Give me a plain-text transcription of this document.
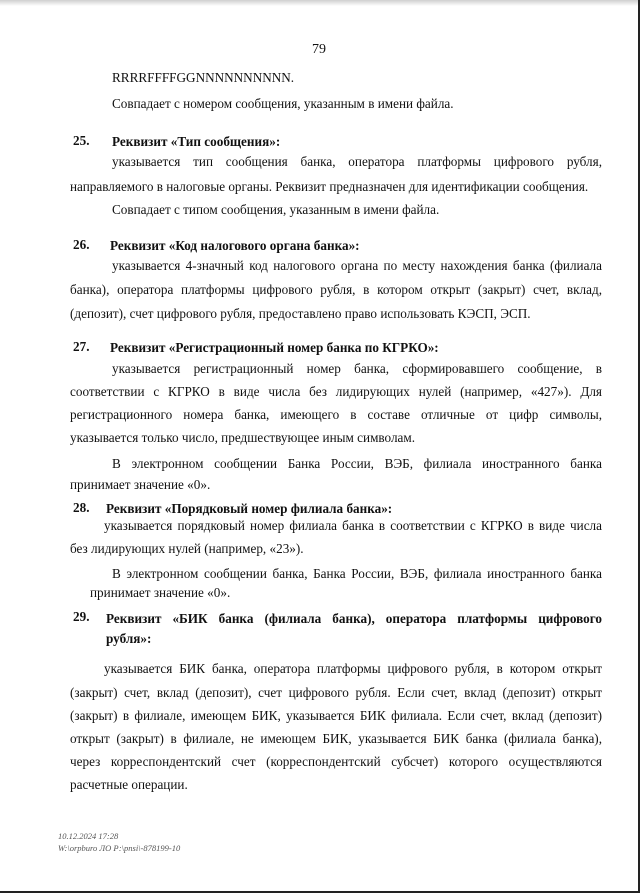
79
RRRRFFFFGGNNNNNNNNNN.
Совпадает с номером сообщения, указанным в имени файла.
25. Реквизит «Тип сообщения»:
указывается тип сообщения банка, оператора платформы цифрового рубля,
направляемого в налоговые органы. Реквизит предназначен для идентификации сообщения.
Совпадает с типом сообщения, указанным в имени файла.
26. Реквизит «Код налогового органа банка»:
указывается 4-значный код налогового органа по месту нахождения банка (филиала
банка), оператора платформы цифрового рубля, в котором открыт (закрыт) счет, вклад,
(депозит), счет цифрового рубля, предоставлено право использовать КЭСП, ЭСП.
27. Реквизит «Регистрационный номер банка по КГРКО»:
указывается регистрационный номер банка, сформировавшего сообщение, в
соответствии с КГРКО в виде числа без лидирующих нулей (например, «427»). Для
регистрационного номера банка, имеющего в составе отличные от цифр символы,
указывается только число, предшествующее иным символам.
В электронном сообщении Банка России, ВЭБ, филиала иностранного банка
принимает значение «0».
28. Реквизит «Порядковый номер филиала банка»:
указывается порядковый номер филиала банка в соответствии с КГРКО в виде числа
без лидирующих нулей (например, «23»).
В электронном сообщении банка, Банка России, ВЭБ, филиала иностранного банка
принимает значение «0».
29. Реквизит «БИК банка (филиала банка), оператора платформы цифрового
рубля»:
указывается БИК банка, оператора платформы цифрового рубля, в котором открыт
(закрыт) счет, вклад (депозит), счет цифрового рубля. Если счет, вклад (депозит) открыт
(закрыт) в филиале, имеющем БИК, указывается БИК филиала. Если счет, вклад (депозит)
открыт (закрыт) в филиале, не имеющем БИК, указывается БИК банка (филиала банка),
через корреспондентский счет (корреспондентский субсчет) которого осуществляются
расчетные операции.
10.12.2024 17:28
W:\orpburo ЛО Р:\pnsi\-878199-10
